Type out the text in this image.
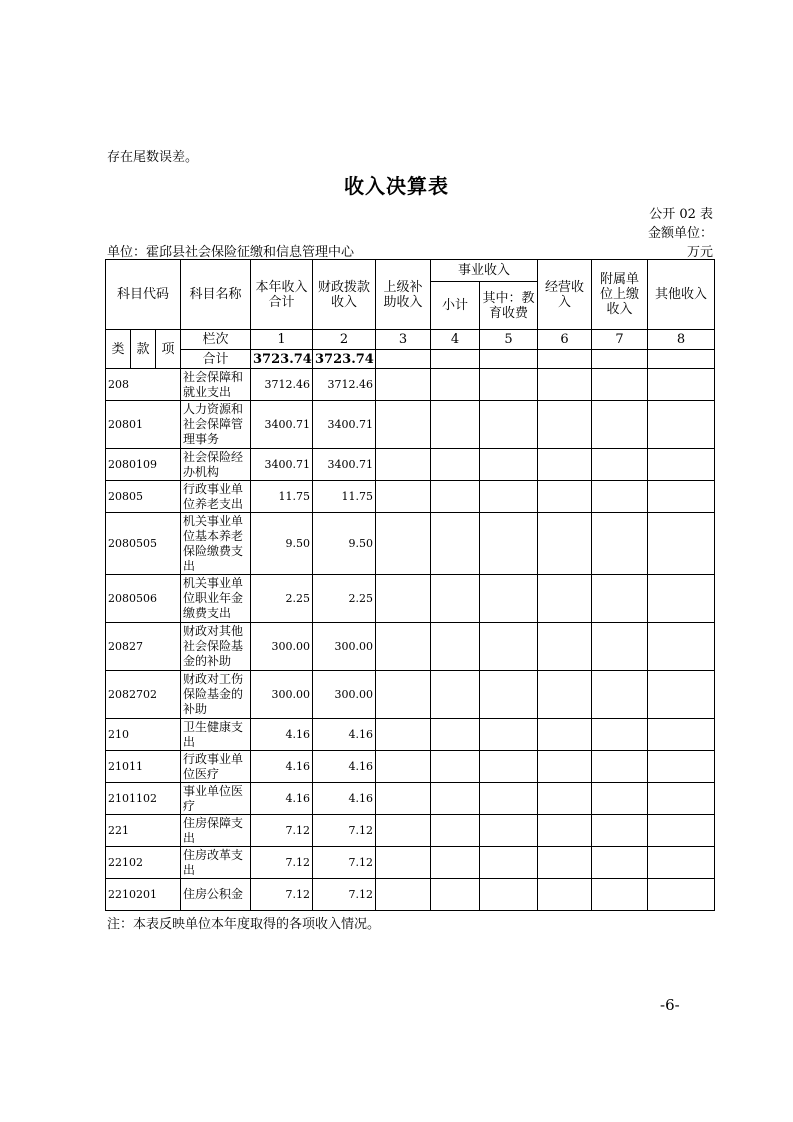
存在尾数误差。
收入决算表
公开 02 表
金额单位：
单位：霍邱县社会保险征缴和信息管理中心	万元
科目代码			科目名称	本年收入合计	财政拨款收入	上级补助收入	事业收入		经营收入	附属单位上缴收入	其他收入
							小计	其中：教育收费			
类	款	项	栏次	1	2	3	4	5	6	7	8
			合计	3723.74	3723.74						
208			社会保障和就业支出	3712.46	3712.46						
20801			人力资源和社会保障管理事务	3400.71	3400.71						
2080109			社会保险经办机构	3400.71	3400.71						
20805			行政事业单位养老支出	11.75	11.75						
2080505			机关事业单位基本养老保险缴费支出	9.50	9.50						
2080506			机关事业单位职业年金缴费支出	2.25	2.25						
20827			财政对其他社会保险基金的补助	300.00	300.00						
2082702			财政对工伤保险基金的补助	300.00	300.00						
210			卫生健康支出	4.16	4.16						
21011			行政事业单位医疗	4.16	4.16						
2101102			事业单位医疗	4.16	4.16						
221			住房保障支出	7.12	7.12						
22102			住房改革支出	7.12	7.12						
2210201			住房公积金	7.12	7.12						
注：本表反映单位本年度取得的各项收入情况。
-6-
